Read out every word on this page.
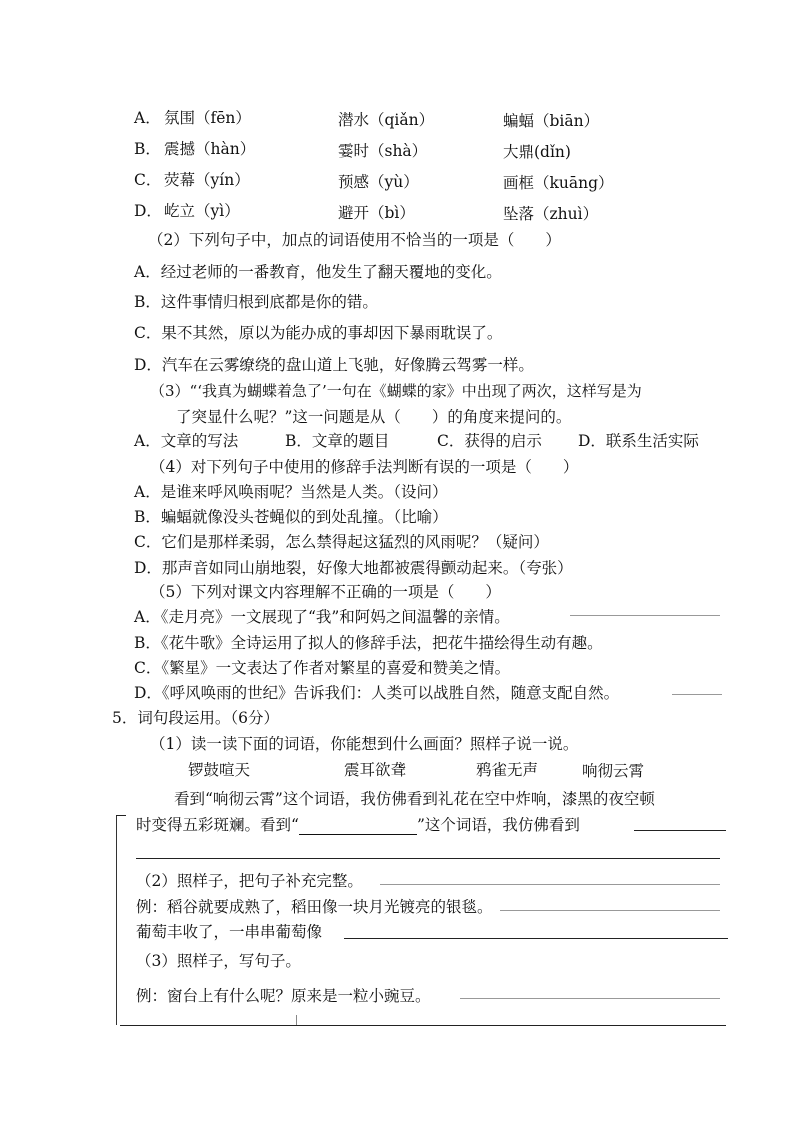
A． 氛围（fēn）	潜水（qiǎn）	蝙蝠（biān）
B． 震撼（hàn）	霎时（shà）	大鼎(dǐn)
C． 荧幕（yín）	预感（yù）	画框（kuāng）
D． 屹立（yì）	避开（bì）	坠落（zhuì）
（2）下列句子中，加点的词语使用不恰当的一项是（　　）
A．经过老师的一番教育，他发生了翻天覆地的变化。
B．这件事情归根到底都是你的错。
C．果不其然，原以为能办成的事却因下暴雨耽误了。
D．汽车在云雾缭绕的盘山道上飞驰，好像腾云驾雾一样。
（3）“‘我真为蝴蝶着急了’一句在《蝴蝶的家》中出现了两次，这样写是为
了突显什么呢？”这一问题是从（　　）的角度来提问的。
A．文章的写法	B．文章的题目	C．获得的启示 D．联系生活实际
（4）对下列句子中使用的修辞手法判断有误的一项是（　　）
A．是谁来呼风唤雨呢？当然是人类。（设问）
B．蝙蝠就像没头苍蝇似的到处乱撞。（比喻）
C．它们是那样柔弱，怎么禁得起这猛烈的风雨呢？（疑问）
D．那声音如同山崩地裂，好像大地都被震得颤动起来。（夸张）
（5）下列对课文内容理解不正确的一项是（　　）
A．《走月亮》一文展现了“我”和阿妈之间温馨的亲情。
B．《花牛歌》全诗运用了拟人的修辞手法，把花牛描绘得生动有趣。
C．《繁星》一文表达了作者对繁星的喜爱和赞美之情。
D．《呼风唤雨的世纪》告诉我们：人类可以战胜自然，随意支配自然。
5．词句段运用。（6分）
（1）读一读下面的词语，你能想到什么画面？照样子说一说。
锣鼓喧天	震耳欲聋	鸦雀无声	响彻云霄
看到“响彻云霄”这个词语，我仿佛看到礼花在空中炸响，漆黑的夜空顿
时变得五彩斑斓。看到“	”这个词语，我仿佛看到
（2）照样子，把句子补充完整。
例：稻谷就要成熟了，稻田像一块月光镀亮的银毯。
葡萄丰收了，一串串葡萄像
（3）照样子，写句子。
例：窗台上有什么呢？原来是一粒小豌豆。
